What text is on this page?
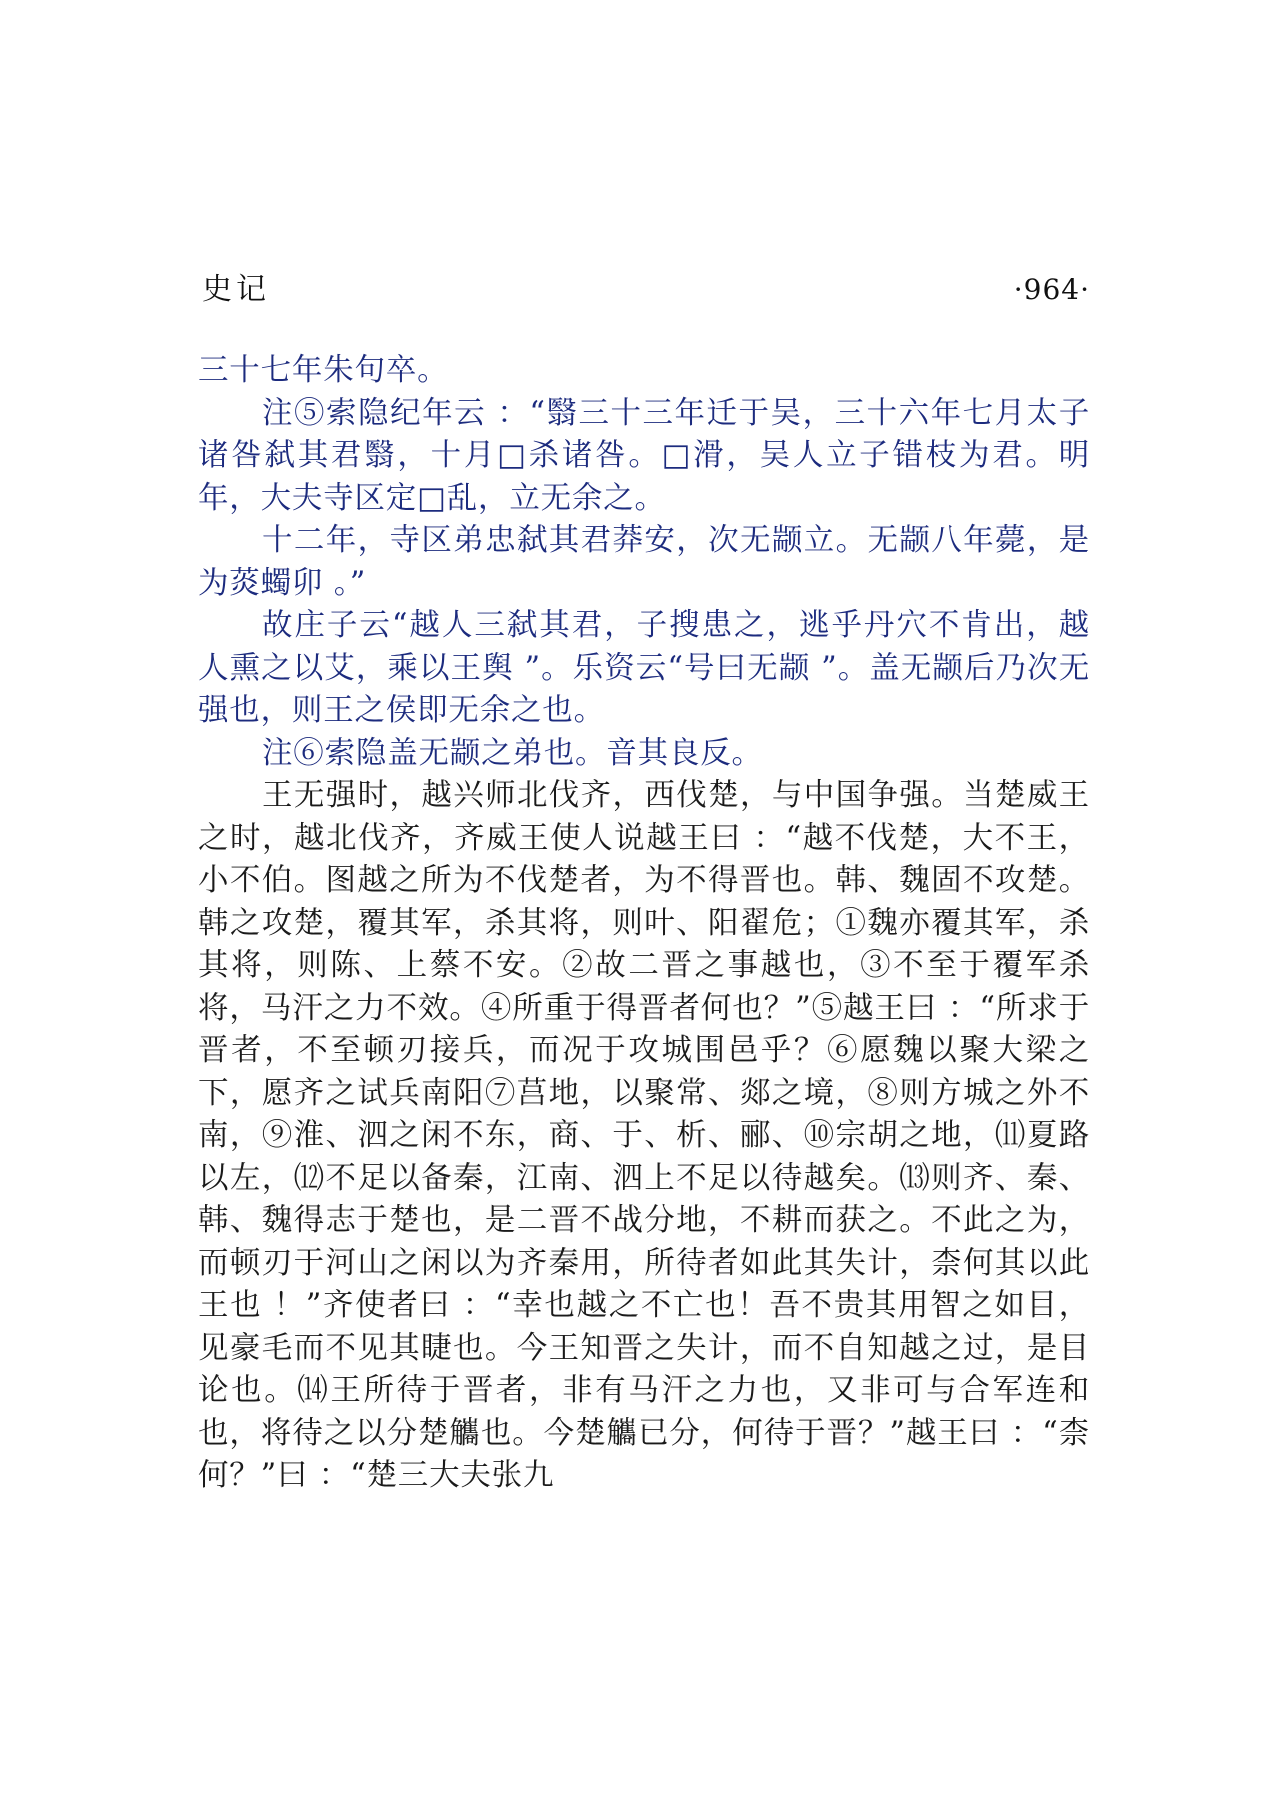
史记	·964·

三十七年朱句卒。

注⑤索隐纪年云 ：“翳三十三年迁于吴，三十六年七月太子诸咎弑其君翳，十月□杀诸咎。□滑，吴人立子错枝为君。明年，大夫寺区定□乱，立无余之。

十二年，寺区弟忠弑其君莽安，次无颛立。无颛八年薨，是为菼蠋卯 。”

故庄子云“越人三弑其君，子搜患之，逃乎丹穴不肯出，越人熏之以艾，乘以王舆 ”。乐资云“号曰无颛 ”。盖无颛后乃次无强也，则王之侯即无余之也。

注⑥索隐盖无颛之弟也。音其良反。

王无强时，越兴师北伐齐，西伐楚，与中国争强。当楚威王之时，越北伐齐，齐威王使人说越王曰 ：“越不伐楚，大不王，小不伯。图越之所为不伐楚者，为不得晋也。韩、魏固不攻楚。韩之攻楚，覆其军，杀其将，则叶、阳翟危；①魏亦覆其军，杀其将，则陈、上蔡不安。②故二晋之事越也，③不至于覆军杀将，马汗之力不效。④所重于得晋者何也？”⑤越王曰 ：“所求于晋者，不至顿刃接兵，而况于攻城围邑乎？⑥愿魏以聚大梁之下，愿齐之试兵南阳⑦莒地，以聚常、郯之境，⑧则方城之外不南，⑨淮、泗之闲不东，商、于、析、郦、⑩宗胡之地，⑾夏路以左，⑿不足以备秦，江南、泗上不足以待越矣。⒀则齐、秦、韩、魏得志于楚也，是二晋不战分地，不耕而获之。不此之为，而顿刃于河山之闲以为齐秦用，所待者如此其失计，柰何其以此王也 ！”齐使者曰 ：“幸也越之不亡也！吾不贵其用智之如目，见豪毛而不见其睫也。今王知晋之失计，而不自知越之过，是目论也。⒁王所待于晋者，非有马汗之力也，又非可与合军连和也，将待之以分楚觿也。今楚觿已分，何待于晋？”越王曰 ：“柰何？”曰 ：“楚三大夫张九
